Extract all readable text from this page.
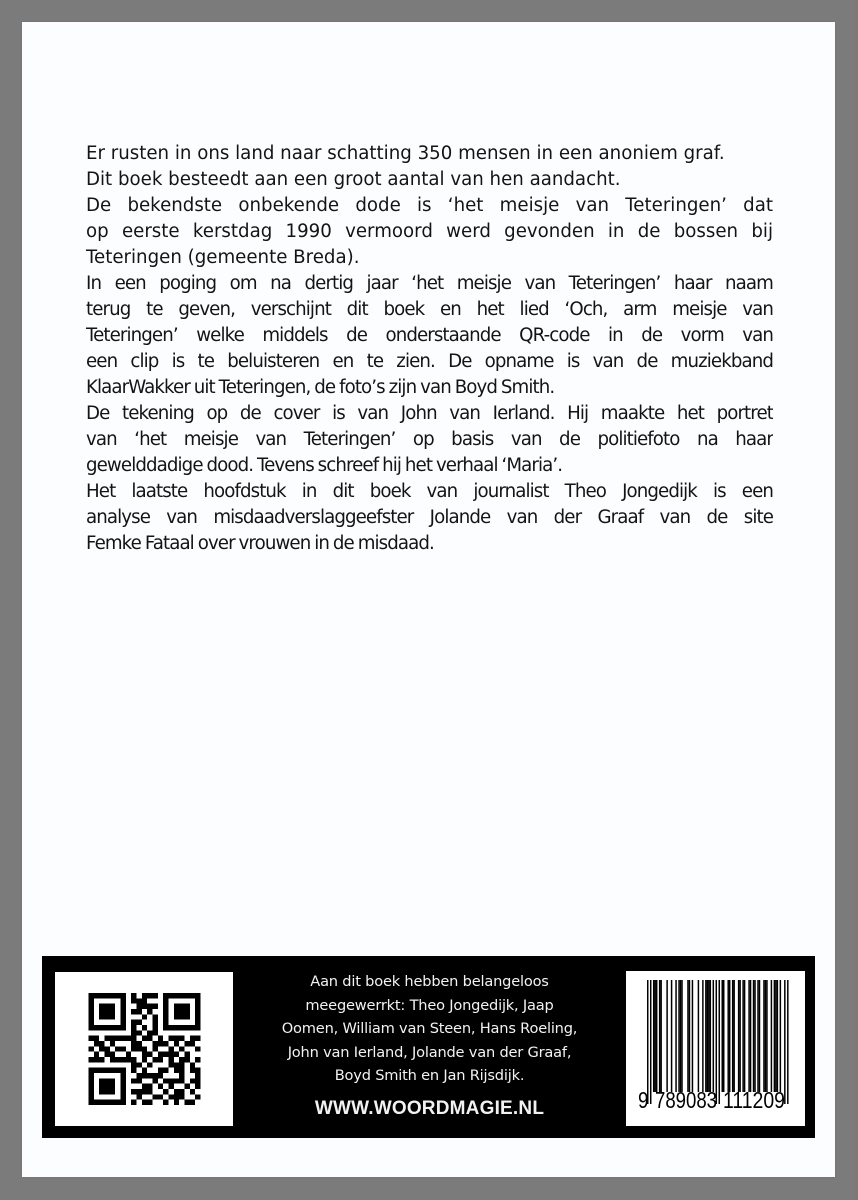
Er rusten in ons land naar schatting 350 mensen in een anoniem graf.
Dit boek besteedt aan een groot aantal van hen aandacht.
De bekendste onbekende dode is ‘het meisje van Teteringen’ dat
op eerste kerstdag 1990 vermoord werd gevonden in de bossen bij
Teteringen (gemeente Breda).
In een poging om na dertig jaar ‘het meisje van Teteringen’ haar naam
terug te geven, verschijnt dit boek en het lied ‘Och, arm meisje van
Teteringen’ welke middels de onderstaande QR-code in de vorm van
een clip is te beluisteren en te zien. De opname is van de muziekband
KlaarWakker uit Teteringen, de foto’s zijn van Boyd Smith.
De tekening op de cover is van John van Ierland. Hij maakte het portret
van ‘het meisje van Teteringen’ op basis van de politiefoto na haar
gewelddadige dood. Tevens schreef hij het verhaal ‘Maria’.
Het laatste hoofdstuk in dit boek van journalist Theo Jongedijk is een
analyse van misdaadverslaggeefster Jolande van der Graaf van de site
Femke Fataal over vrouwen in de misdaad.
Aan dit boek hebben belangeloos
meegewerrkt: Theo Jongedijk, Jaap
Oomen, William van Steen, Hans Roeling,
John van Ierland, Jolande van der Graaf,
Boyd Smith en Jan Rijsdijk.
WWW.WOORDMAGIE.NL	9 789083 111209
